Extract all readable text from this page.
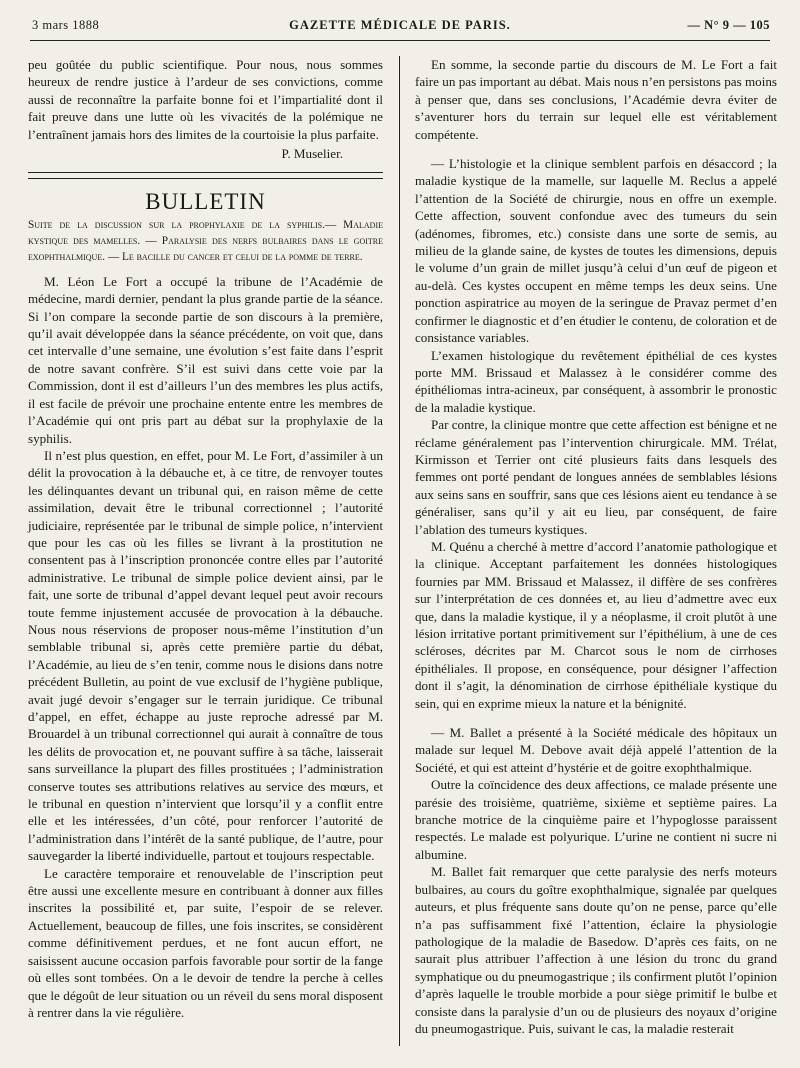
3 mars 1888	GAZETTE MÉDICALE DE PARIS.	— N° 9 — 105

peu goûtée du public scientifique. Pour nous, nous sommes heureux de rendre justice à l’ardeur de ses convictions, comme aussi de reconnaître la parfaite bonne foi et l’impartialité dont il fait preuve dans une lutte où les vivacités de la polémique ne l’entraînent jamais hors des limites de la courtoisie la plus parfaite.

P. Muselier.
BULLETIN
Suite de la discussion sur la prophylaxie de la syphilis.— Maladie kystique des mamelles. — Paralysie des nerfs bulbaires dans le goitre exophthalmique. — Le bacille du cancer et celui de la pomme de terre.

M. Léon Le Fort a occupé la tribune de l’Académie de médecine, mardi dernier, pendant la plus grande partie de la séance. Si l’on compare la seconde partie de son discours à la première, qu’il avait développée dans la séance précédente, on voit que, dans cet intervalle d’une semaine, une évolution s’est faite dans l’esprit de notre savant confrère. S’il est suivi dans cette voie par la Commission, dont il est d’ailleurs l’un des membres les plus actifs, il est facile de prévoir une prochaine entente entre les membres de l’Académie qui ont pris part au débat sur la prophylaxie de la syphilis.

Il n’est plus question, en effet, pour M. Le Fort, d’assimiler à un délit la provocation à la débauche et, à ce titre, de renvoyer toutes les délinquantes devant un tribunal qui, en raison même de cette assimilation, devait être le tribunal correctionnel ; l’autorité judiciaire, représentée par le tribunal de simple police, n’intervient que pour les cas où les filles se livrant à la prostitution ne consentent pas à l’inscription prononcée contre elles par l’autorité administrative. Le tribunal de simple police devient ainsi, par le fait, une sorte de tribunal d’appel devant lequel peut avoir recours toute femme injustement accusée de provocation à la débauche. Nous nous réservions de proposer nous-même l’institution d’un semblable tribunal si, après cette première partie du débat, l’Académie, au lieu de s’en tenir, comme nous le disions dans notre précédent Bulletin, au point de vue exclusif de l’hygiène publique, avait jugé devoir s’engager sur le terrain juridique. Ce tribunal d’appel, en effet, échappe au juste reproche adressé par M. Brouardel à un tribunal correctionnel qui aurait à connaître de tous les délits de provocation et, ne pouvant suffire à sa tâche, laisserait sans surveillance la plupart des filles prostituées ; l’administration conserve toutes ses attributions relatives au service des mœurs, et le tribunal en question n’intervient que lorsqu’il y a conflit entre elle et les intéressées, d’un côté, pour renforcer l’autorité de l’administration dans l’intérêt de la santé publique, de l’autre, pour sauvegarder la liberté individuelle, partout et toujours respectable.

Le caractère temporaire et renouvelable de l’inscription peut être aussi une excellente mesure en contribuant à donner aux filles inscrites la possibilité et, par suite, l’espoir de se relever. Actuellement, beaucoup de filles, une fois inscrites, se considèrent comme définitivement perdues, et ne font aucun effort, ne saisissent aucune occasion parfois favorable pour sortir de la fange où elles sont tombées. On a le devoir de tendre la perche à celles que le dégoût de leur situation ou un réveil du sens moral disposent à rentrer dans la vie régulière.

En somme, la seconde partie du discours de M. Le Fort a fait faire un pas important au débat. Mais nous n’en persistons pas moins à penser que, dans ses conclusions, l’Académie devra éviter de s’aventurer hors du terrain sur lequel elle est véritablement compétente.

— L’histologie et la clinique semblent parfois en désaccord ; la maladie kystique de la mamelle, sur laquelle M. Reclus a appelé l’attention de la Société de chirurgie, nous en offre un exemple. Cette affection, souvent confondue avec des tumeurs du sein (adénomes, fibromes, etc.) consiste dans une sorte de semis, au milieu de la glande saine, de kystes de toutes les dimensions, depuis le volume d’un grain de millet jusqu’à celui d’un œuf de pigeon et au-delà. Ces kystes occupent en même temps les deux seins. Une ponction aspiratrice au moyen de la seringue de Pravaz permet d’en confirmer le diagnostic et d’en étudier le contenu, de coloration et de consistance variables.

L’examen histologique du revêtement épithélial de ces kystes porte MM. Brissaud et Malassez à le considérer comme des épithéliomas intra-acineux, par conséquent, à assombrir le pronostic de la maladie kystique.

Par contre, la clinique montre que cette affection est bénigne et ne réclame généralement pas l’intervention chirurgicale. MM. Trélat, Kirmisson et Terrier ont cité plusieurs faits dans lesquels des femmes ont porté pendant de longues années de semblables lésions aux seins sans en souffrir, sans que ces lésions aient eu tendance à se généraliser, sans qu’il y ait eu lieu, par conséquent, de faire l’ablation des tumeurs kystiques.

M. Quénu a cherché à mettre d’accord l’anatomie pathologique et la clinique. Acceptant parfaitement les données histologiques fournies par MM. Brissaud et Malassez, il diffère de ses confrères sur l’interprétation de ces données et, au lieu d’admettre avec eux que, dans la maladie kystique, il y a néoplasme, il croit plutôt à une lésion irritative portant primitivement sur l’épithélium, à une de ces scléroses, décrites par M. Charcot sous le nom de cirrhoses épithéliales. Il propose, en conséquence, pour désigner l’affection dont il s’agit, la dénomination de cirrhose épithéliale kystique du sein, qui en exprime mieux la nature et la bénignité.

— M. Ballet a présenté à la Société médicale des hôpitaux un malade sur lequel M. Debove avait déjà appelé l’attention de la Société, et qui est atteint d’hystérie et de goitre exophthalmique.

Outre la coïncidence des deux affections, ce malade présente une parésie des troisième, quatrième, sixième et septième paires. La branche motrice de la cinquième paire et l’hypoglosse paraissent respectés. Le malade est polyurique. L’urine ne contient ni sucre ni albumine.

M. Ballet fait remarquer que cette paralysie des nerfs moteurs bulbaires, au cours du goître exophthalmique, signalée par quelques auteurs, et plus fréquente sans doute qu’on ne pense, parce qu’elle n’a pas suffisamment fixé l’attention, éclaire la physiologie pathologique de la maladie de Basedow. D’après ces faits, on ne saurait plus attribuer l’affection à une lésion du tronc du grand symphatique ou du pneumogastrique ; ils confirment plutôt l’opinion d’après laquelle le trouble morbide a pour siège primitif le bulbe et consiste dans la paralysie d’un ou de plusieurs des noyaux d’origine du pneumogastrique. Puis, suivant le cas, la maladie resterait
